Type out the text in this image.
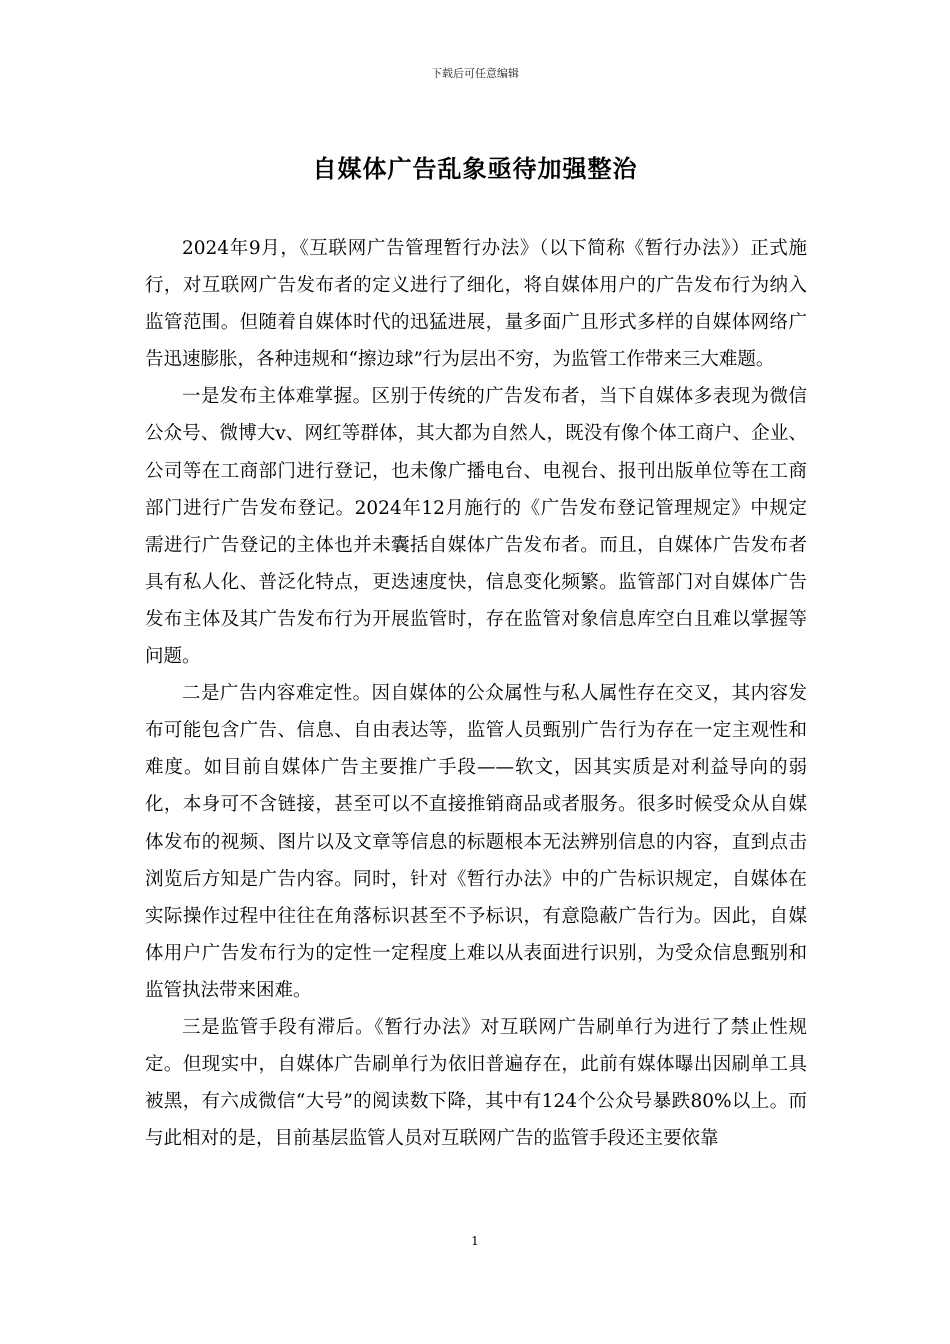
下载后可任意编辑
自媒体广告乱象亟待加强整治

2024年9月，《互联网广告管理暂行办法》（以下简称《暂行办法》）正式施行，对互联网广告发布者的定义进行了细化，将自媒体用户的广告发布行为纳入监管范围。但随着自媒体时代的迅猛进展，量多面广且形式多样的自媒体网络广告迅速膨胀，各种违规和“擦边球”行为层出不穷，为监管工作带来三大难题。

一是发布主体难掌握。区别于传统的广告发布者，当下自媒体多表现为微信公众号、微博大v、网红等群体，其大都为自然人，既没有像个体工商户、企业、公司等在工商部门进行登记，也未像广播电台、电视台、报刊出版单位等在工商部门进行广告发布登记。2024年12月施行的《广告发布登记管理规定》中规定需进行广告登记的主体也并未囊括自媒体广告发布者。而且，自媒体广告发布者具有私人化、普泛化特点，更迭速度快，信息变化频繁。监管部门对自媒体广告发布主体及其广告发布行为开展监管时，存在监管对象信息库空白且难以掌握等问题。

二是广告内容难定性。因自媒体的公众属性与私人属性存在交叉，其内容发布可能包含广告、信息、自由表达等，监管人员甄别广告行为存在一定主观性和难度。如目前自媒体广告主要推广手段——软文，因其实质是对利益导向的弱化，本身可不含链接，甚至可以不直接推销商品或者服务。很多时候受众从自媒体发布的视频、图片以及文章等信息的标题根本无法辨别信息的内容，直到点击浏览后方知是广告内容。同时，针对《暂行办法》中的广告标识规定，自媒体在实际操作过程中往往在角落标识甚至不予标识，有意隐蔽广告行为。因此，自媒体用户广告发布行为的定性一定程度上难以从表面进行识别，为受众信息甄别和监管执法带来困难。

三是监管手段有滞后。《暂行办法》对互联网广告刷单行为进行了禁止性规定。但现实中，自媒体广告刷单行为依旧普遍存在，此前有媒体曝出因刷单工具被黑，有六成微信“大号”的阅读数下降，其中有124个公众号暴跌80%以上。而与此相对的是，目前基层监管人员对互联网广告的监管手段还主要依靠

1
